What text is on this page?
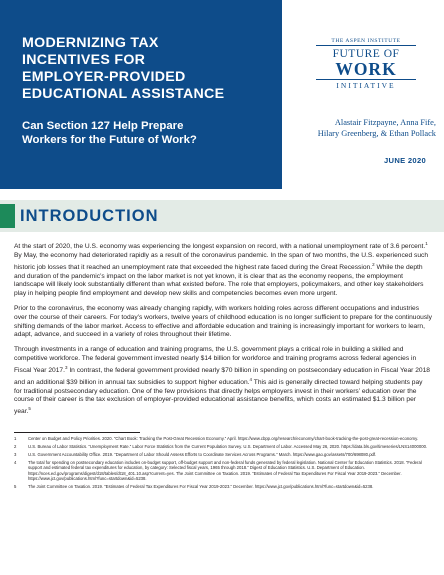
MODERNIZING TAX
INCENTIVES FOR
EMPLOYER-PROVIDED
EDUCATIONAL ASSISTANCE
Can Section 127 Help Prepare
Workers for the Future of Work?
THE ASPEN INSTITUTE
FUTURE OF
WORK
INITIATIVE
Alastair Fitzpayne, Anna Fife,
Hilary Greenberg, & Ethan Pollack
JUNE 2020
INTRODUCTION

At the start of 2020, the U.S. economy was experiencing the longest expansion on record, with a national unemployment rate of 3.6 percent.$^1$ By May, the economy had deteriorated rapidly as a result of the coronavirus pandemic. In the span of two months, the U.S. experienced such historic job losses that it reached an unemployment rate that exceeded the highest rate faced during the Great Recession.$^2$ While the depth and duration of the pandemic’s impact on the labor market is not yet known, it is clear that as the economy reopens, the employment landscape will likely look substantially different than what existed before. The role that employers, policymakers, and other key stakeholders play in helping people find employment and develop new skills and competencies becomes even more urgent.

Prior to the coronavirus, the economy was already changing rapidly, with workers holding roles across different occupations and industries over the course of their careers. For today’s workers, twelve years of childhood education is no longer sufficient to prepare for the continuously shifting demands of the labor market. Access to effective and affordable education and training is increasingly important for workers to learn, adapt, advance, and succeed in a variety of roles throughout their lifetime.

Through investments in a range of education and training programs, the U.S. government plays a critical role in building a skilled and competitive workforce. The federal government invested nearly $14 billion for workforce and training programs across federal agencies in Fiscal Year 2017.$^3$ In contrast, the federal government provided nearly $70 billion in spending on postsecondary education in Fiscal Year 2018 and an additional $39 billion in annual tax subsidies to support higher education.$^4$ This aid is generally directed toward helping students pay for traditional postsecondary education. One of the few provisions that directly helps employers invest in their workers’ education over the course of their career is the tax exclusion of employer-provided educational assistance benefits, which costs an estimated $1.3 billion per year.$^5$

1	Center on Budget and Policy Priorities. 2020. “Chart Book: Tracking the Post-Great Recession Economy.” April. https://www.cbpp.org/research/economy/chart-book-tracking-the-post-great-recession-economy.
2	U.S. Bureau of Labor Statistics. “Unemployment Rate.” Labor Force Statistics from the Current Population Survey. U.S. Department of Labor. Accessed May 26, 2020. https://data.bls.gov/timeseries/LNS14000000.
3	U.S. Government Accountability Office. 2019. “Department of Labor Should Assess Efforts to Coordinate Services Across Programs.” March. https://www.gao.gov/assets/700/698080.pdf.
4	The total for spending on postsecondary education includes on-budget support, off-budget support and non-federal funds generated by federal legislation. National Center for Education Statistics. 2018. “Federal support and estimated federal tax expenditures for education, by category: Selected fiscal years, 1965 through 2018.” Digest of Education Statistics. U.S. Department of Education. https://nces.ed.gov/programs/digest/d18/tables/dt18_401.10.asp?current=yes. The Joint Committee on Taxation. 2019. “Estimates of Federal Tax Expenditures For Fiscal Year 2019-2023.” December. https://www.jct.gov/publications.html?func=startdown&id=5238.
5	The Joint Committee on Taxation. 2019. “Estimates of Federal Tax Expenditures For Fiscal Year 2019-2023.” December. https://www.jct.gov/publications.html?func=startdown&id=5238.
